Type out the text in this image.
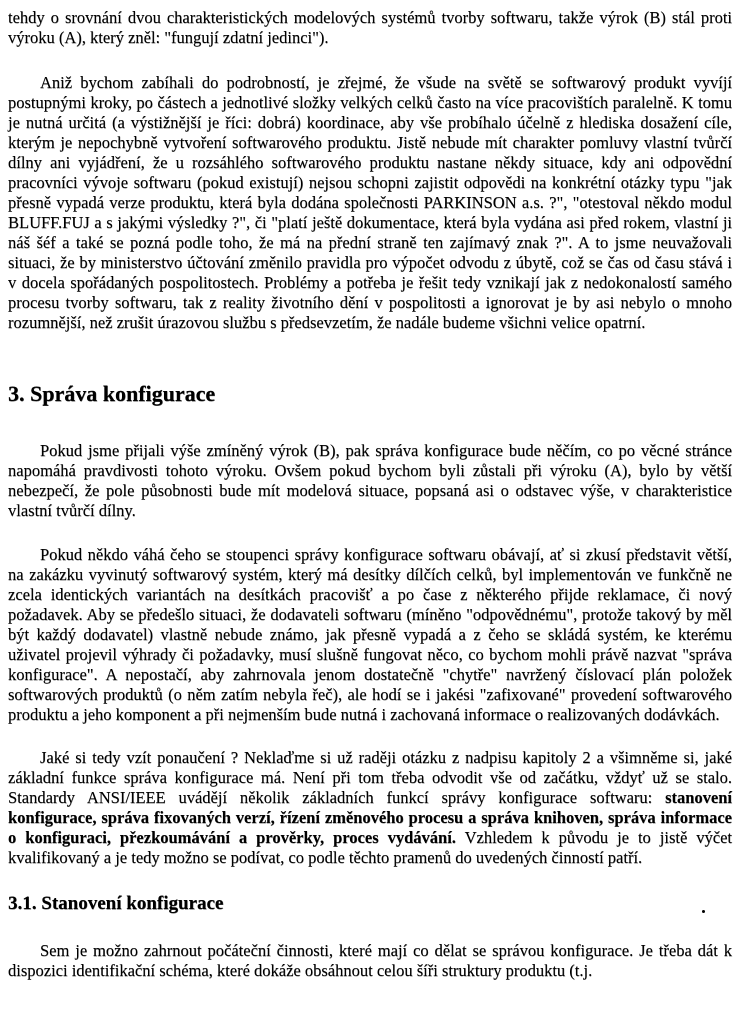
tehdy o srovnání dvou charakteristických modelových systémů tvorby softwaru, takže výrok (B) stál proti výroku (A), který zněl: "fungují zdatní jedinci").

Aniž bychom zabíhali do podrobností, je zřejmé, že všude na světě se softwarový produkt vyvíjí postupnými kroky, po částech a jednotlivé složky velkých celků často na více pracovištích paralelně. K tomu je nutná určitá (a výstižnější je říci: dobrá) koordinace, aby vše probíhalo účelně z hlediska dosažení cíle, kterým je nepochybně vytvoření softwarového produktu. Jistě nebude mít charakter pomluvy vlastní tvůrčí dílny ani vyjádření, že u rozsáhlého softwarového produktu nastane někdy situace, kdy ani odpovědní pracovníci vývoje softwaru (pokud existují) nejsou schopni zajistit odpovědi na konkrétní otázky typu "jak přesně vypadá verze produktu, která byla dodána společnosti PARKINSON a.s. ?", "otestoval někdo modul BLUFF.FUJ a s jakými výsledky ?", či "platí ještě dokumentace, která byla vydána asi před rokem, vlastní ji náš šéf a také se pozná podle toho, že má na přední straně ten zajímavý znak ?". A to jsme neuvažovali situaci, že by ministerstvo účtování změnilo pravidla pro výpočet odvodu z úbytě, což se čas od času stává i v docela spořádaných pospolitostech. Problémy a potřeba je řešit tedy vznikají jak z nedokonalostí samého procesu tvorby softwaru, tak z reality životního dění v pospolitosti a ignorovat je by asi nebylo o mnoho rozumnější, než zrušit úrazovou službu s předsevzetím, že nadále budeme všichni velice opatrní.

3. Správa konfigurace

Pokud jsme přijali výše zmíněný výrok (B), pak správa konfigurace bude něčím, co po věcné stránce napomáhá pravdivosti tohoto výroku. Ovšem pokud bychom byli zůstali při výroku (A), bylo by větší nebezpečí, že pole působnosti bude mít modelová situace, popsaná asi o odstavec výše, v charakteristice vlastní tvůrčí dílny.

Pokud někdo váhá čeho se stoupenci správy konfigurace softwaru obávají, ať si zkusí představit větší, na zakázku vyvinutý softwarový systém, který má desítky dílčích celků, byl implementován ve funkčně ne zcela identických variantách na desítkách pracovišť a po čase z některého přijde reklamace, či nový požadavek. Aby se předešlo situaci, že dodavateli softwaru (míněno "odpovědnému", protože takový by měl být každý dodavatel) vlastně nebude známo, jak přesně vypadá a z čeho se skládá systém, ke kterému uživatel projevil výhrady či požadavky, musí slušně fungovat něco, co bychom mohli právě nazvat "správa konfigurace". A nepostačí, aby zahrnovala jenom dostatečně "chytře" navržený číslovací plán položek softwarových produktů (o něm zatím nebyla řeč), ale hodí se i jakési "zafixované" provedení softwarového produktu a jeho komponent a při nejmenším bude nutná i zachovaná informace o realizovaných dodávkách.

Jaké si tedy vzít ponaučení ? Neklaďme si už raději otázku z nadpisu kapitoly 2 a všimněme si, jaké základní funkce správa konfigurace má. Není při tom třeba odvodit vše od začátku, vždyť už se stalo. Standardy ANSI/IEEE uvádějí několik základních funkcí správy konfigurace softwaru: stanovení konfigurace, správa fixovaných verzí, řízení změnového procesu a správa knihoven, správa informace o konfiguraci, přezkoumávání a prověrky, proces vydávání. Vzhledem k původu je to jistě výčet kvalifikovaný a je tedy možno se podívat, co podle těchto pramenů do uvedených činností patří.

3.1. Stanovení konfigurace

Sem je možno zahrnout počáteční činnosti, které mají co dělat se správou konfigurace. Je třeba dát k dispozici identifikační schéma, které dokáže obsáhnout celou šíři struktury produktu (t.j.
